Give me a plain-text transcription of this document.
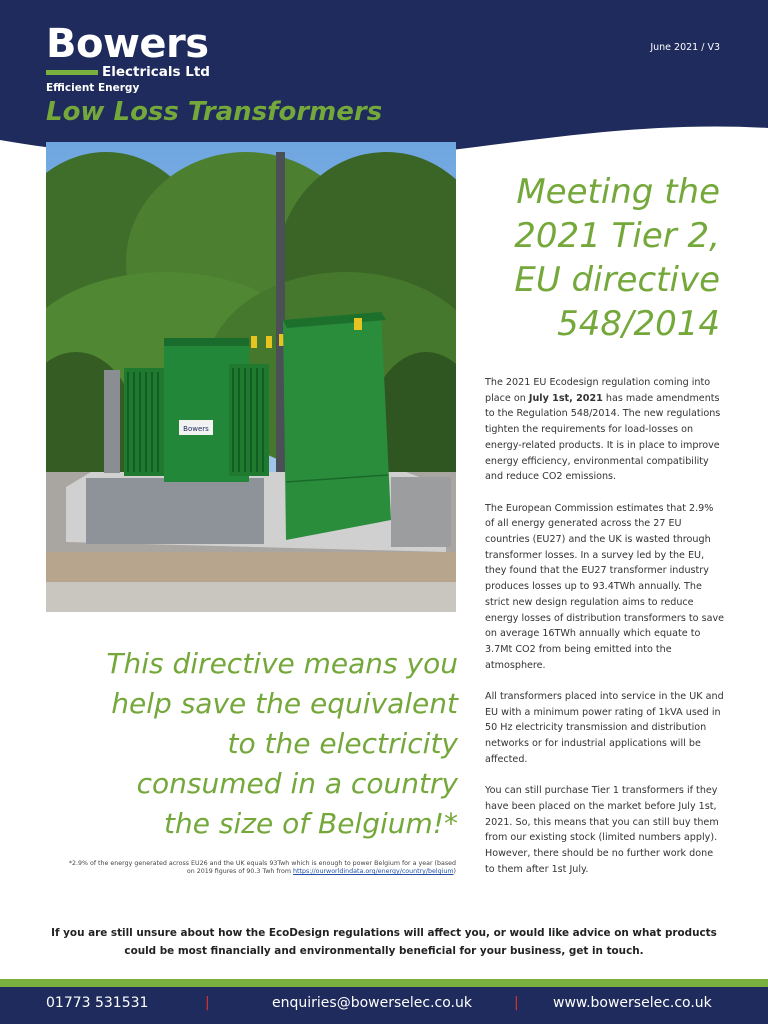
Bowers
Electricals Ltd
Efficient Energy
June 2021 / V3
Low Loss Transformers
Bowers
Meeting the
2021 Tier 2,
EU directive
548/2014

The 2021 EU Ecodesign regulation coming into place on July 1st, 2021 has made amendments to the Regulation 548/2014. The new regulations tighten the requirements for load-losses on energy-related products. It is in place to improve energy efficiency, environmental compatibility and reduce CO2 emissions.

The European Commission estimates that 2.9% of all energy generated across the 27 EU countries (EU27) and the UK is wasted through transformer losses. In a survey led by the EU, they found that the EU27 transformer industry produces losses up to 93.4TWh annually. The strict new design regulation aims to reduce energy losses of distribution transformers to save on average 16TWh annually which equate to 3.7Mt CO2 from being emitted into the atmosphere.

All transformers placed into service in the UK and EU with a minimum power rating of 1kVA used in 50 Hz electricity transmission and distribution networks or for industrial applications will be affected.

You can still purchase Tier 1 transformers if they have been placed on the market before July 1st, 2021. So, this means that you can still buy them from our existing stock (limited numbers apply). However, there should be no further work done to them after 1st July.

This directive means you
help save the equivalent
to the electricity
consumed in a country
the size of Belgium!*
*2.9% of the energy generated across EU26 and the UK equals 93Twh which is enough to power Belgium for a year (based
on 2019 figures of 90.3 Twh from https://ourworldindata.org/energy/country/belgium)
If you are still unsure about how the EcoDesign regulations will affect you, or would like advice on what products
could be most financially and environmentally beneficial for your business, get in touch.
01773 531531	|	enquiries@bowerselec.co.uk	| www.bowerselec.co.uk
